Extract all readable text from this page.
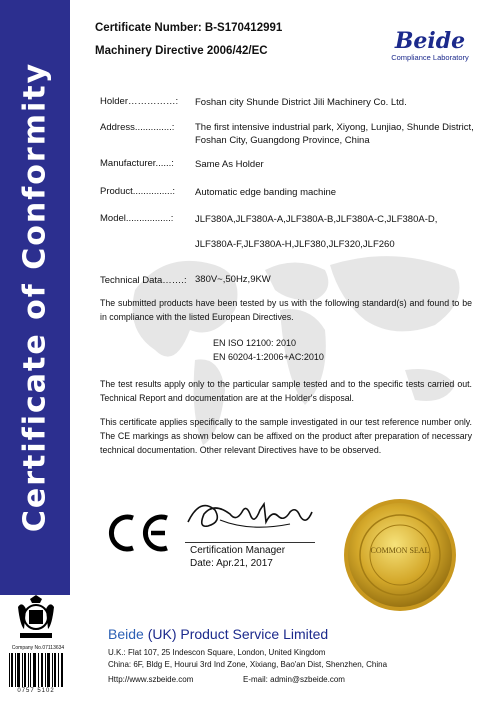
Certificate of Conformity
Certificate Number: B-S170412991
Machinery Directive 2006/42/EC	Beide
Compliance Laboratory
Holder……………: Foshan city Shunde District Jili Machinery Co. Ltd.
Address..............: The first intensive industrial park, Xiyong, Lunjiao, Shunde District, Foshan City, Guangdong Province, China
Manufacturer......: Same As Holder
Product...............: Automatic edge banding machine
Model.................: JLF380A,JLF380A-A,JLF380A-B,JLF380A-C,JLF380A-D,
JLF380A-F,JLF380A-H,JLF380,JLF320,JLF260
Technical Data…….: 380V~,50Hz,9KW
The submitted products have been tested by us with the following standard(s) and found to be in compliance with the listed European Directives.
EN ISO 12100: 2010
EN 60204-1:2006+AC:2010
The test results apply only to the particular sample tested and to the specific tests carried out. Technical Report and documentation are at the Holder's disposal.
This certificate applies specifically to the sample investigated in our test reference number only. The CE markings as shown below can be affixed on the product after preparation of necessary technical documentation. Other relevant Directives have to be observed.
Certification Manager
Date: Apr.21, 2017
COMMON SEAL
Company No.07113634
0757 5102
Beide (UK) Product Service Limited
U.K.: Flat 107, 25 Indescon Square, London, United Kingdom
China: 6F, Bldg E, Hourui 3rd Ind Zone, Xixiang, Bao'an Dist, Shenzhen, China
Http://www.szbeide.com	E-mail: admin@szbeide.com
